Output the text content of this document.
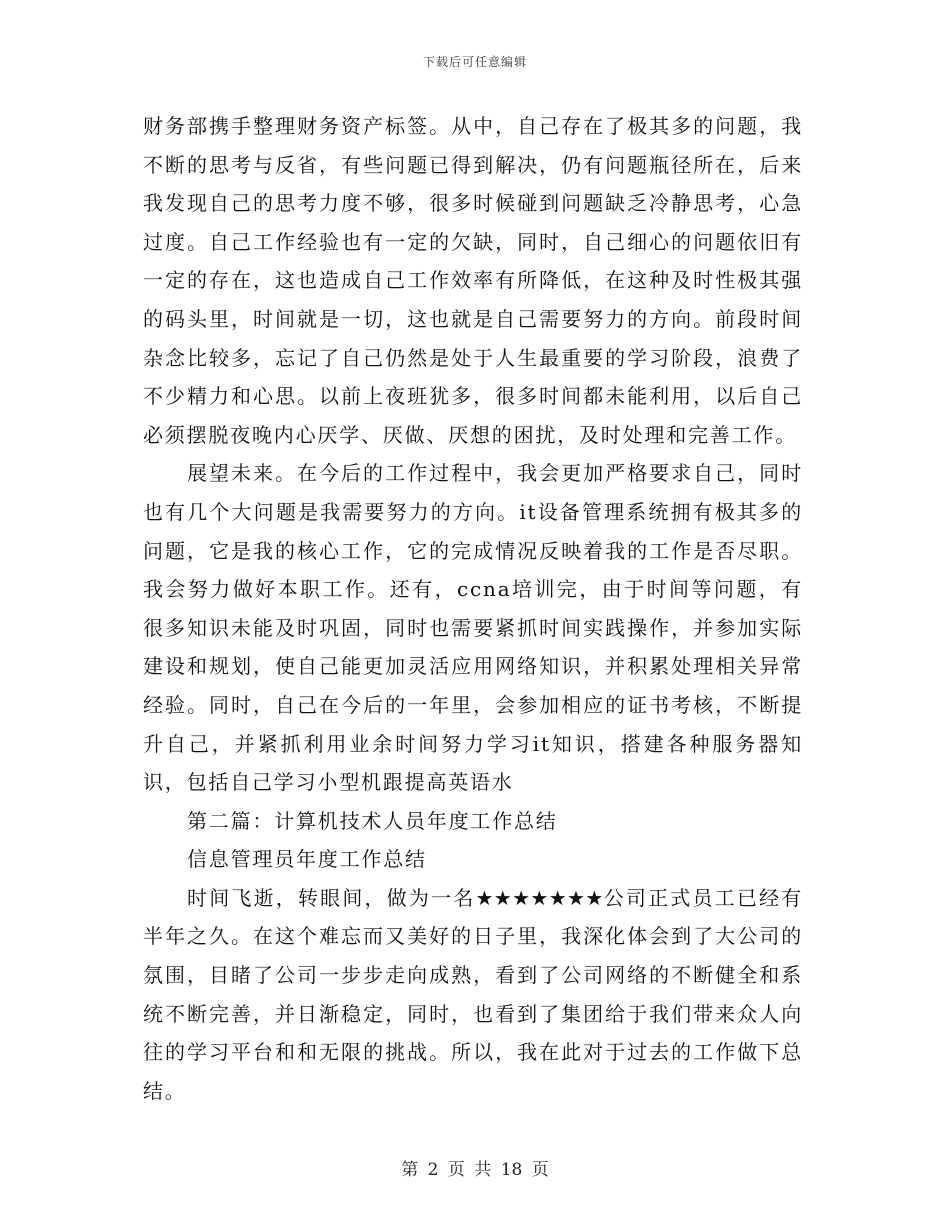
下载后可任意编辑

财务部携手整理财务资产标签。从中，自己存在了极其多的问题，我不断的思考与反省，有些问题已得到解决，仍有问题瓶径所在，后来我发现自己的思考力度不够，很多时候碰到问题缺乏冷静思考，心急过度。自己工作经验也有一定的欠缺，同时，自己细心的问题依旧有一定的存在，这也造成自己工作效率有所降低，在这种及时性极其强的码头里，时间就是一切，这也就是自己需要努力的方向。前段时间杂念比较多，忘记了自己仍然是处于人生最重要的学习阶段，浪费了不少精力和心思。以前上夜班犹多，很多时间都未能利用，以后自己必须摆脱夜晚内心厌学、厌做、厌想的困扰，及时处理和完善工作。

展望未来。在今后的工作过程中，我会更加严格要求自己，同时也有几个大问题是我需要努力的方向。it设备管理系统拥有极其多的问题，它是我的核心工作，它的完成情况反映着我的工作是否尽职。我会努力做好本职工作。还有，ccna培训完，由于时间等问题，有很多知识未能及时巩固，同时也需要紧抓时间实践操作，并参加实际建设和规划，使自己能更加灵活应用网络知识，并积累处理相关异常经验。同时，自己在今后的一年里，会参加相应的证书考核，不断提升自己，并紧抓利用业余时间努力学习it知识，搭建各种服务器知识，包括自己学习小型机跟提高英语水

第二篇：计算机技术人员年度工作总结

信息管理员年度工作总结

时间飞逝，转眼间，做为一名★★★★★★★公司正式员工已经有半年之久。在这个难忘而又美好的日子里，我深化体会到了大公司的氛围，目睹了公司一步步走向成熟，看到了公司网络的不断健全和系统不断完善，并日渐稳定，同时，也看到了集团给于我们带来众人向往的学习平台和和无限的挑战。所以，我在此对于过去的工作做下总结。

第 2 页 共 18 页
